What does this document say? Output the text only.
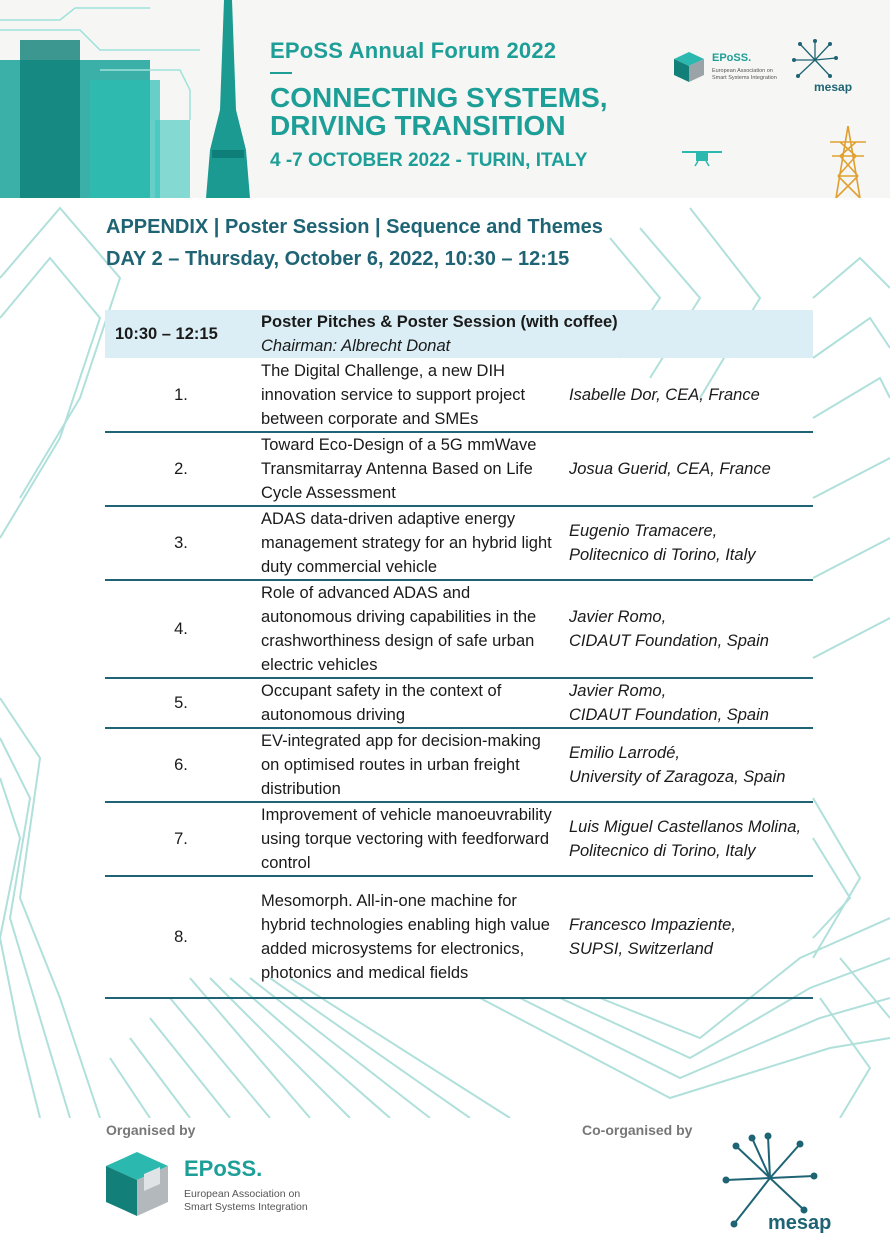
EPoSS Annual Forum 2022
CONNECTING SYSTEMS,
DRIVING TRANSITION
4 -7 OCTOBER 2022 - TURIN, ITALY
EPoSS.
European Association on
Smart Systems Integration
mesap
APPENDIX | Poster Session | Sequence and Themes
DAY 2 – Thursday, October 6, 2022, 10:30 – 12:15
10:30 – 12:15	Poster Pitches & Poster Session (with coffee)
Chairman: Albrecht Donat	

1.	The Digital Challenge, a new DIH innovation service to support project between corporate and SMEs	Isabelle Dor, CEA, France
2.	Toward Eco-Design of a 5G mmWave Transmitarray Antenna Based on Life Cycle Assessment	Josua Guerid, CEA, France
3.	ADAS data-driven adaptive energy management strategy for an hybrid light duty commercial vehicle	Eugenio Tramacere,
Politecnico di Torino, Italy
4.	Role of advanced ADAS and autonomous driving capabilities in the crashworthiness design of safe urban electric vehicles	Javier Romo,
CIDAUT Foundation, Spain
5.	Occupant safety in the context of autonomous driving	Javier Romo,
CIDAUT Foundation, Spain
6.	EV-integrated app for decision-making on optimised routes in urban freight distribution	Emilio Larrodé,
University of Zaragoza, Spain
7.	Improvement of vehicle manoeuvrability using torque vectoring with feedforward control	Luis Miguel Castellanos Molina,
Politecnico di Torino, Italy
8.	Mesomorph. All-in-one machine for hybrid technologies enabling high value added microsystems for electronics, photonics and medical fields	Francesco Impaziente,
SUPSI, Switzerland
Organised by	Co-organised by
EPoSS.
European Association on
Smart Systems Integration
mesap
